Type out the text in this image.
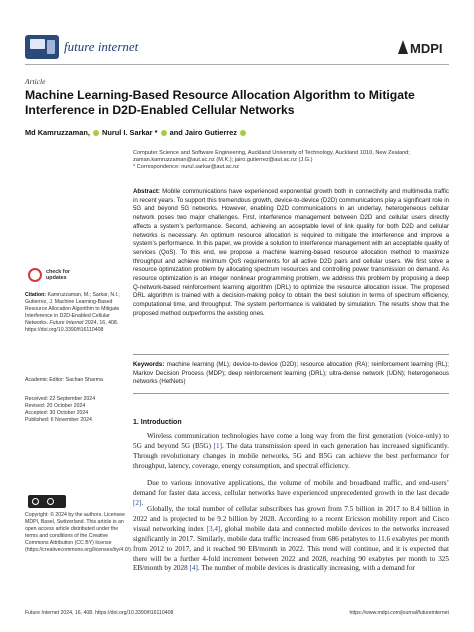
future internet	MDPI
Article
Machine Learning-Based Resource Allocation Algorithm to Mitigate Interference in D2D-Enabled Cellular Networks
Md Kamruzzaman, Nurul I. Sarkar * and Jairo Gutierrez
Computer Science and Software Engineering, Auckland University of Technology, Auckland 1010, New Zealand;
zaman.kamruzzaman@aut.ac.nz (M.K.); jairo.gutierrez@aut.ac.nz (J.G.)
* Correspondence: nurul.sarkar@aut.ac.nz
Abstract: Mobile communications have experienced exponential growth both in connectivity and multimedia traffic in recent years. To support this tremendous growth, device-to-device (D2D) communications play a significant role in 5G and beyond 5G networks. However, enabling D2D communications in an underlay, heterogeneous cellular network poses two major challenges. First, interference management between D2D and cellular users directly affects a system’s performance. Second, achieving an acceptable level of link quality for both D2D and cellular networks is necessary. An optimum resource allocation is required to mitigate the interference and improve a system’s performance. In this paper, we provide a solution to interference management with an acceptable quality of services (QoS). To this end, we propose a machine learning-based resource allocation method to maximize throughput and achieve minimum QoS requirements for all active D2D pairs and cellular users. We first solve a resource optimization problem by allocating spectrum resources and controlling power transmission on demand. As resource optimization is an integer nonlinear programming problem, we address this problem by proposing a deep Q-network-based reinforcement learning algorithm (DRL) to optimize the resource allocation issue. The proposed DRL algorithm is trained with a decision-making policy to obtain the best solution in terms of spectrum efficiency, computational time, and throughput. The system performance is validated by simulation. The results show that the proposed method outperforms the existing ones.
Keywords: machine learning (ML); device-to-device (D2D); resource allocation (RA); reinforcement learning (RL); Markov Decision Process (MDP); deep reinforcement learning (DRL); ultra-dense network (UDN); heterogeneous networks (HetNets)
1. Introduction
Wireless communication technologies have come a long way from the first generation (voice-only) to 5G and beyond 5G (B5G) [1]. The data transmission speed in each generation has increased significantly. Through revolutionary changes in mobile networks, 5G and B5G can achieve the best performance for throughput, latency, coverage, energy consumption, and spectral efficiency.
Due to various innovative applications, the volume of mobile and broadband traffic, and end-users’ demand for faster data access, cellular networks have experienced unprecedented growth in the last decade [2].
Globally, the total number of cellular subscribers has grown from 7.5 billion in 2017 to 8.4 billion in 2022 and is projected to be 9.2 billion by 2028. According to a recent Ericsson mobility report and Cisco visual networking index [3,4], global mobile data and connected mobile devices to the networks increased significantly in 2017. Similarly, mobile data traffic increased from 686 petabytes to 11.6 exabytes per month from 2012 to 2017, and it reached 90 EB/month in 2022. This trend will continue, and it is expected that there will be a further 4-fold increment between 2022 and 2028, reaching 90 exabytes per month to 325 EB/month by 2028 [4]. The number of mobile devices is drastically increasing, with a demand for
check for updates
Citation: Kamruzzaman, M.; Sarkar, N.I.; Gutierrez, J. Machine Learning-Based Resource Allocation Algorithm to Mitigate Interference in D2D-Enabled Cellular Networks. Future Internet 2024, 16, 408. https://doi.org/10.3390/fi16110408
Academic Editor: Sachan Sharma
Received: 22 September 2024
Revised: 20 October 2024
Accepted: 30 October 2024
Published: 6 November 2024
Copyright: © 2024 by the authors. Licensee MDPI, Basel, Switzerland. This article is an open access article distributed under the terms and conditions of the Creative Commons Attribution (CC BY) license (https://creativecommons.org/licenses/by/4.0/).
Future Internet 2024, 16, 408. https://doi.org/10.3390/fi16110408	https://www.mdpi.com/journal/futureinternet
